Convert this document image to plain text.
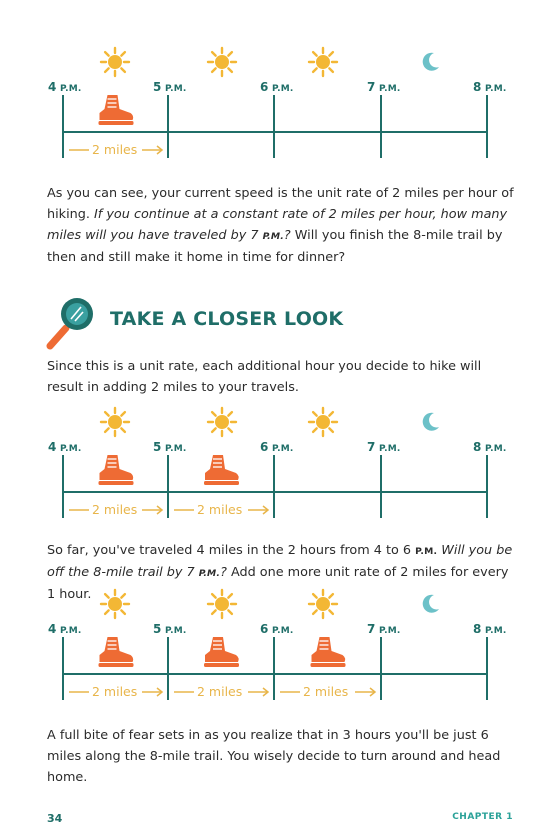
4 P.M.	5 P.M.	6 P.M.	7 P.M.	8 P.M.
2 miles

As you can see, your current speed is the unit rate of 2 miles per hour of hiking. If you continue at a constant rate of 2 miles per hour, how many miles will you have traveled by 7 P.M.? Will you finish the 8-mile trail by then and still make it home in time for dinner?

TAKE A CLOSER LOOK

Since this is a unit rate, each additional hour you decide to hike will result in adding 2 miles to your travels.

4 P.M.	5 P.M.	6 P.M.	7 P.M.	8 P.M.
2 miles	2 miles

So far, you've traveled 4 miles in the 2 hours from 4 to 6 P.M. Will you be off the 8-mile trail by 7 P.M.? Add one more unit rate of 2 miles for every 1 hour.

4 P.M.	5 P.M.	6 P.M.	7 P.M.	8 P.M.
2 miles	2 miles	2 miles

A full bite of fear sets in as you realize that in 3 hours you'll be just 6 miles along the 8-mile trail. You wisely decide to turn around and head home.

34	CHAPTER 1
